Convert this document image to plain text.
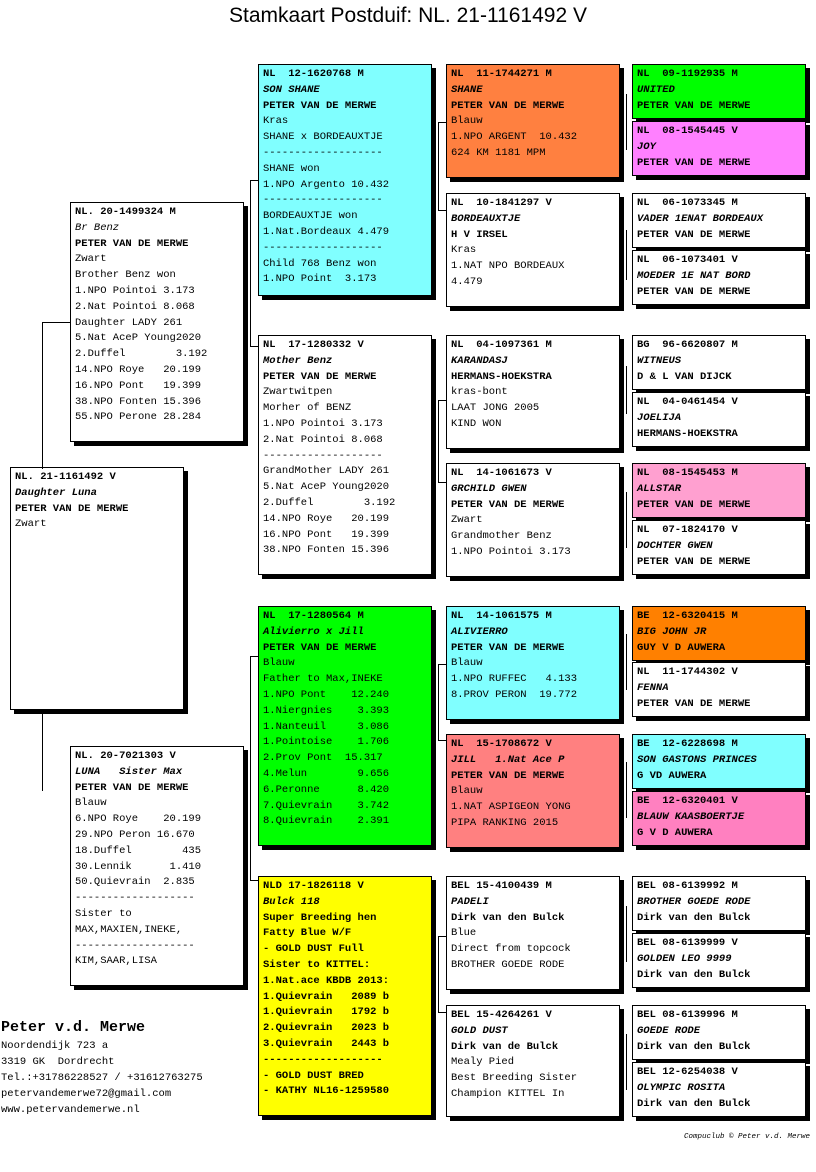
Stamkaart Postduif: NL. 21-1161492 V
NL. 21-1161492 V
Daughter Luna
PETER VAN DE MERWE
Zwart
NL. 20-1499324 M
Br Benz
PETER VAN DE MERWE
Zwart
Brother Benz won
1.NPO Pointoi 3.173
2.Nat Pointoi 8.068
Daughter LADY 261
5.Nat AceP Young2020
2.Duffel        3.192
14.NPO Roye   20.199
16.NPO Pont   19.399
38.NPO Fonten 15.396
55.NPO Perone 28.284
NL. 20-7021303 V
LUNA   Sister Max
PETER VAN DE MERWE
Blauw
6.NPO Roye    20.199
29.NPO Peron 16.670
18.Duffel        435
30.Lennik      1.410
50.Quievrain  2.835
-------------------
Sister to
MAX,MAXIEN,INEKE,
-------------------
KIM,SAAR,LISA
NL  12-1620768 M
SON SHANE
PETER VAN DE MERWE
Kras
SHANE x BORDEAUXTJE
-------------------
SHANE won
1.NPO Argento 10.432
-------------------
BORDEAUXTJE won
1.Nat.Bordeaux 4.479
-------------------
Child 768 Benz won
1.NPO Point  3.173
NL  17-1280332 V
Mother Benz
PETER VAN DE MERWE
Zwartwitpen
Morher of BENZ
1.NPO Pointoi 3.173
2.Nat Pointoi 8.068
-------------------
GrandMother LADY 261
5.Nat AceP Young2020
2.Duffel        3.192
14.NPO Roye   20.199
16.NPO Pont   19.399
38.NPO Fonten 15.396
NL  17-1280564 M
Alivierro x Jill
PETER VAN DE MERWE
Blauw
Father to Max,INEKE
1.NPO Pont    12.240
1.Niergnies    3.393
1.Nanteuil     3.086
1.Pointoise    1.706
2.Prov Pont  15.317
4.Melun        9.656
6.Peronne      8.420
7.Quievrain    3.742
8.Quievrain    2.391
NLD 17-1826118 V
Bulck 118
Super Breeding hen
Fatty Blue W/F
- GOLD DUST Full
Sister to KITTEL:
1.Nat.ace KBDB 2013:
1.Quievrain   2089 b
1.Quievrain   1792 b
2.Quievrain   2023 b
3.Quievrain   2443 b
-------------------
- GOLD DUST BRED
- KATHY NL16-1259580
NL  11-1744271 M
SHANE
PETER VAN DE MERWE
Blauw
1.NPO ARGENT  10.432
624 KM 1181 MPM
NL  10-1841297 V
BORDEAUXTJE
H V IRSEL
Kras
1.NAT NPO BORDEAUX
4.479
NL  04-1097361 M
KARANDASJ
HERMANS-HOEKSTRA
kras-bont
LAAT JONG 2005
KIND WON
NL  14-1061673 V
GRCHILD GWEN
PETER VAN DE MERWE
Zwart
Grandmother Benz
1.NPO Pointoi 3.173
NL  14-1061575 M
ALIVIERRO
PETER VAN DE MERWE
Blauw
1.NPO RUFFEC   4.133
8.PROV PERON  19.772
NL  15-1708672 V
JILL   1.Nat Ace P
PETER VAN DE MERWE
Blauw
1.NAT ASPIGEON YONG
PIPA RANKING 2015
BEL 15-4100439 M
PADELI
Dirk van den Bulck
Blue
Direct from topcock
BROTHER GOEDE RODE
BEL 15-4264261 V
GOLD DUST
Dirk van de Bulck
Mealy Pied
Best Breeding Sister
Champion KITTEL In
NL  09-1192935 M
UNITED
PETER VAN DE MERWE
NL  08-1545445 V
JOY
PETER VAN DE MERWE
NL  06-1073345 M
VADER 1ENAT BORDEAUX
PETER VAN DE MERWE
NL  06-1073401 V
MOEDER 1E NAT BORD
PETER VAN DE MERWE
BG  96-6620807 M
WITNEUS
D & L VAN DIJCK
NL  04-0461454 V
JOELIJA
HERMANS-HOEKSTRA
NL  08-1545453 M
ALLSTAR
PETER VAN DE MERWE
NL  07-1824170 V
DOCHTER GWEN
PETER VAN DE MERWE
BE  12-6320415 M
BIG JOHN JR
GUY V D AUWERA
NL  11-1744302 V
FENNA
PETER VAN DE MERWE
BE  12-6228698 M
SON GASTONS PRINCES
G VD AUWERA
BE  12-6320401 V
BLAUW KAASBOERTJE
G V D AUWERA
BEL 08-6139992 M
BROTHER GOEDE RODE
Dirk van den Bulck
BEL 08-6139999 V
GOLDEN LEO 9999
Dirk van den Bulck
BEL 08-6139996 M
GOEDE RODE
Dirk van den Bulck
BEL 12-6254038 V
OLYMPIC ROSITA
Dirk van den Bulck
Peter v.d. Merwe
Noordendijk 723 a
3319 GK  Dordrecht
Tel.:+31786228527 / +31612763275
petervandemerwe72@gmail.com
www.petervandemerwe.nl
Compuclub © Peter v.d. Merwe
